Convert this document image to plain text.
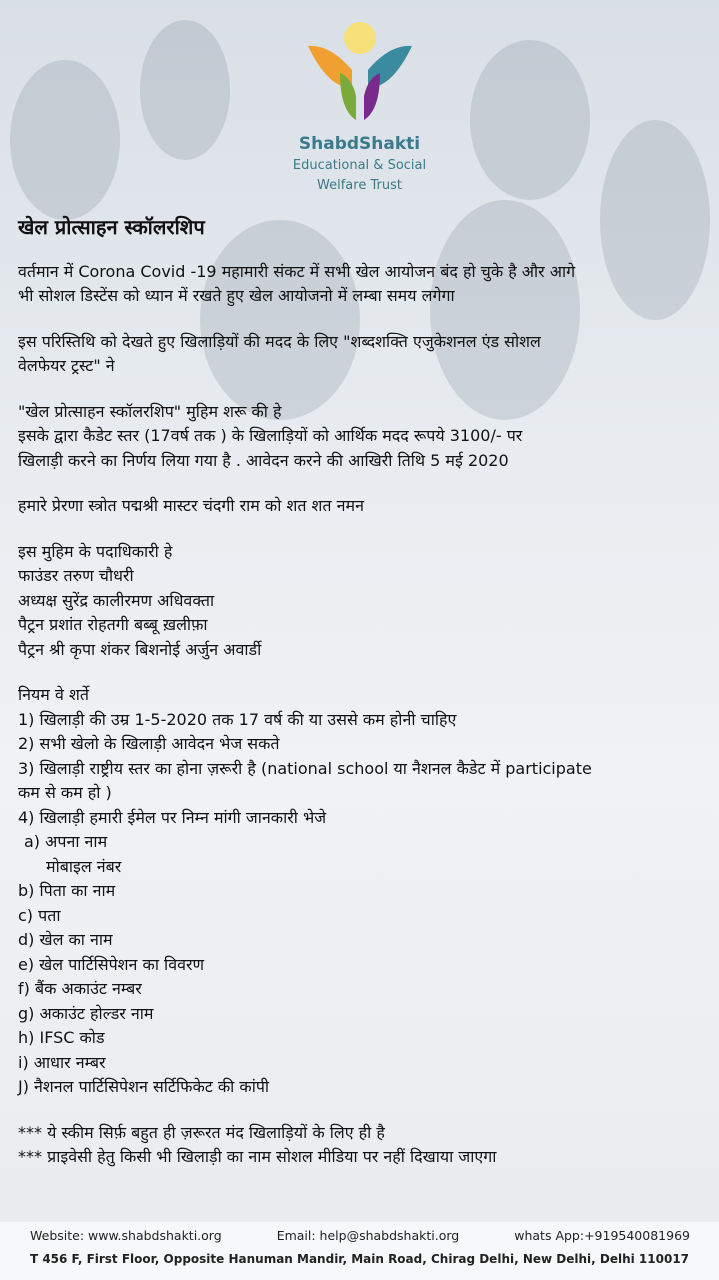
ShabdShakti
Educational & Social
Welfare Trust
खेल प्रोत्साहन स्कॉलरशिप

वर्तमान में Corona Covid -19 महामारी संकट में सभी खेल आयोजन बंद हो चुके है और आगे
भी सोशल डिस्टेंस को ध्यान में रखते हुए खेल आयोजनो में लम्बा समय लगेगा

इस परिस्तिथि को देखते हुए खिलाड़ियों की मदद के लिए "शब्दशक्ति एजुकेशनल एंड सोशल
वेलफेयर ट्रस्ट" ने

"खेल प्रोत्साहन स्कॉलरशिप" मुहिम शरू की हे
इसके द्वारा कैडेट स्तर (17वर्ष तक ) के खिलाड़ियों को आर्थिक मदद रूपये 3100/- पर
खिलाड़ी करने का निर्णय लिया गया है . आवेदन करने की आखिरी तिथि 5 मई 2020

हमारे प्रेरणा स्त्रोत पद्मश्री मास्टर चंदगी राम को शत शत नमन

इस मुहिम के पदाधिकारी हे
फाउंडर तरुण चौधरी
अध्यक्ष सुरेंद्र कालीरमण अधिवक्ता
पैट्रन प्रशांत रोहतगी बब्बू ख़लीफ़ा
पैट्रन श्री कृपा शंकर बिशनोई अर्जुन अवार्डी

नियम वे शर्ते
1) खिलाड़ी की उम्र 1-5-2020 तक 17 वर्ष की या उससे कम होनी चाहिए
2) सभी खेलो के खिलाड़ी आवेदन भेज सकते
3) खिलाड़ी राष्ट्रीय स्तर का होना ज़रूरी है (national school या नैशनल कैडेट में participate
कम से कम हो )
4) खिलाड़ी हमारी ईमेल पर निम्न मांगी जानकारी भेजे
a) अपना नाम
मोबाइल नंबर
b) पिता का नाम
c) पता
d) खेल का नाम
e) खेल पार्टिसिपेशन का विवरण
f) बैंक अकाउंट नम्बर
g) अकाउंट होल्डर नाम
h) IFSC कोड
i) आधार नम्बर
J) नैशनल पार्टिसिपेशन सर्टिफिकेट की कांपी

*** ये स्कीम सिर्फ़ बहुत ही ज़रूरत मंद खिलाड़ियों के लिए ही है
*** प्राइवेसी हेतु किसी भी खिलाड़ी का नाम सोशल मीडिया पर नहीं दिखाया जाएगा

Website: www.shabdshakti.org	Email: help@shabdshakti.org	whats App:+919540081969
T 456 F, First Floor, Opposite Hanuman Mandir, Main Road, Chirag Delhi, New Delhi, Delhi 110017
